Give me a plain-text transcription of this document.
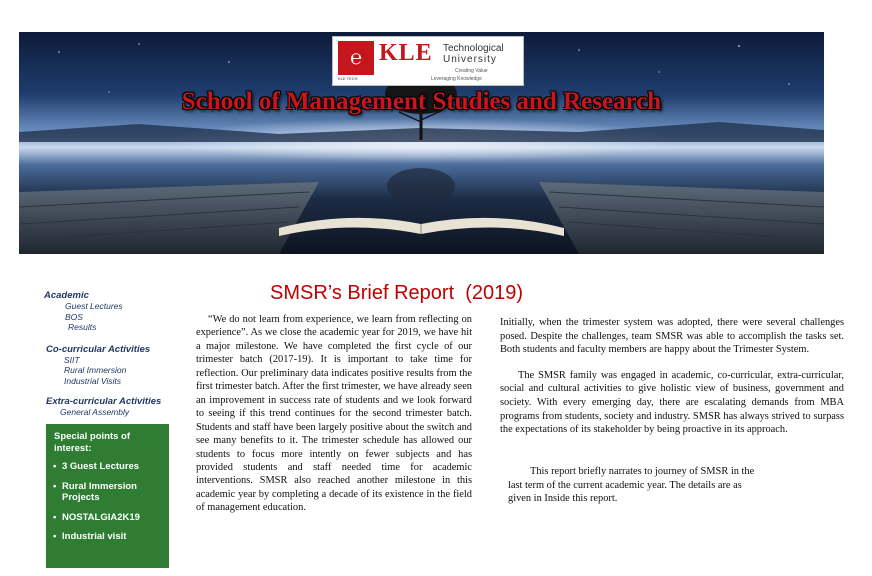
℮
KLE TECH
KLE Technological
University
Creating Value
Leveraging Knowledge
School of Management Studies and Research
Academic
Guest Lectures
BOS
Results
Co-curricular Activities
SIIT
Rural Immersion
Industrial Visits
Extra-curricular Activities
General Assembly
Special points of interest:
• 3 Guest Lectures
• Rural Immersion Projects
• NOSTALGIA2K19
• Industrial visit
SMSR’s Brief Report  (2019)

“We do not learn from experience, we learn from reflecting on experience”. As we close the academic year for 2019, we have hit a major milestone. We have completed the first cycle of our trimester batch (2017-19). It is important to take time for reflection. Our preliminary data indicates positive results from the first trimester batch. After the first trimester, we have already seen an improvement in success rate of students and we look forward to seeing if this trend continues for the second trimester batch. Students and staff have been largely positive about the switch and see many benefits to it. The trimester schedule has allowed our students to focus more intently on fewer subjects and has provided students and staff needed time for academic interventions. SMSR also reached another milestone in this academic year by completing a decade of its existence in the field of management education.

Initially, when the trimester system was adopted, there were several challenges posed. Despite the challenges, team SMSR was able to accomplish the tasks set. Both students and faculty members are happy about the Trimester System.

The SMSR family was engaged in academic, co-curricular, extra-curricular, social and cultural activities to give holistic view of business, government and society. With every emerging day, there are escalating demands from MBA programs from students, society and industry. SMSR has always strived to surpass the expectations of its stakeholder by being proactive in its approach.

This report briefly narrates to journey of SMSR in the
last term of the current academic year. The details are as
given in Inside this report.
